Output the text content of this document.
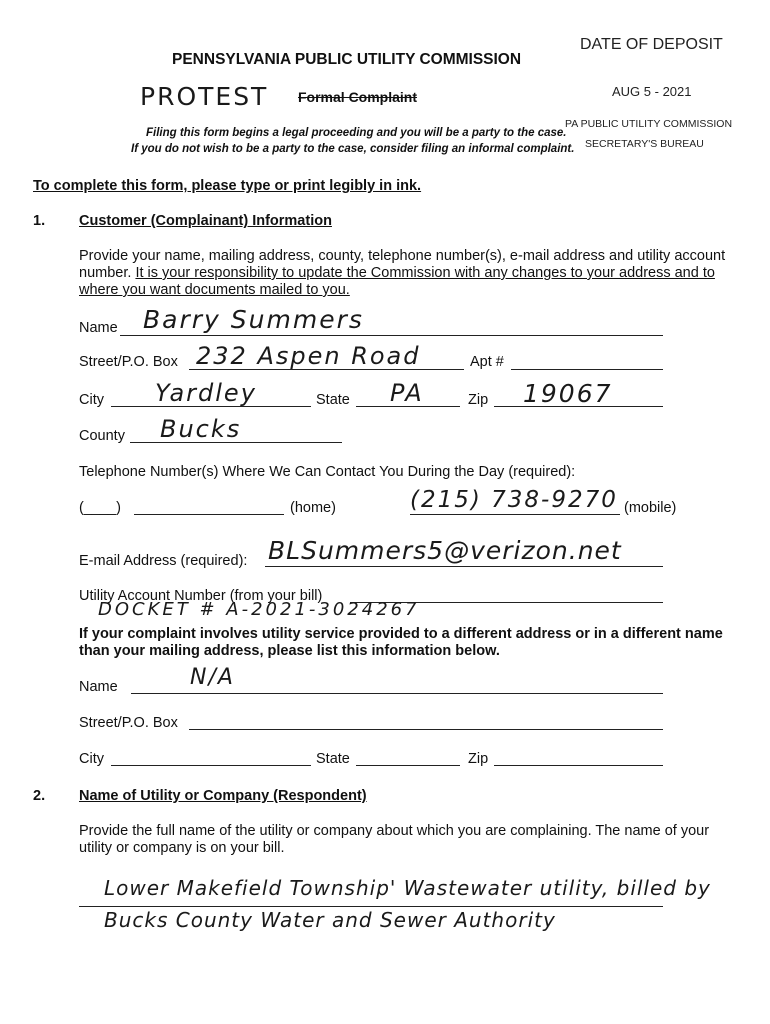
PENNSYLVANIA PUBLIC UTILITY COMMISSION
PROTEST Formal Complaint
Filing this form begins a legal proceeding and you will be a party to the case.
If you do not wish to be a party to the case, consider filing an informal complaint.
DATE OF DEPOSIT
AUG 5 - 2021
PA PUBLIC UTILITY COMMISSION
SECRETARY'S BUREAU
To complete this form, please type or print legibly in ink.
1. Customer (Complainant) Information

Provide your name, mailing address, county, telephone number(s), e-mail address and utility account number. It is your responsibility to update the Commission with any changes to your address and to where you want documents mailed to you.

Name Barry Summers
Street/P.O. Box 232 Aspen Road	Apt #
City Yardley	State PA	Zip 19067
County Bucks
Telephone Number(s) Where We Can Contact You During the Day (required):
(____)	(home)	(215) 738-9270 (mobile)
E-mail Address (required): BLSummers5@verizon.net
Utility Account Number (from your bill)
DOCKET # A-2021-3024267

If your complaint involves utility service provided to a different address or in a different name than your mailing address, please list this information below.

Name	N/A
Street/P.O. Box
City	State	Zip
2. Name of Utility or Company (Respondent)

Provide the full name of the utility or company about which you are complaining. The name of your utility or company is on your bill.

Lower Makefield Township' Wastewater utility, billed by
Bucks County Water and Sewer Authority
